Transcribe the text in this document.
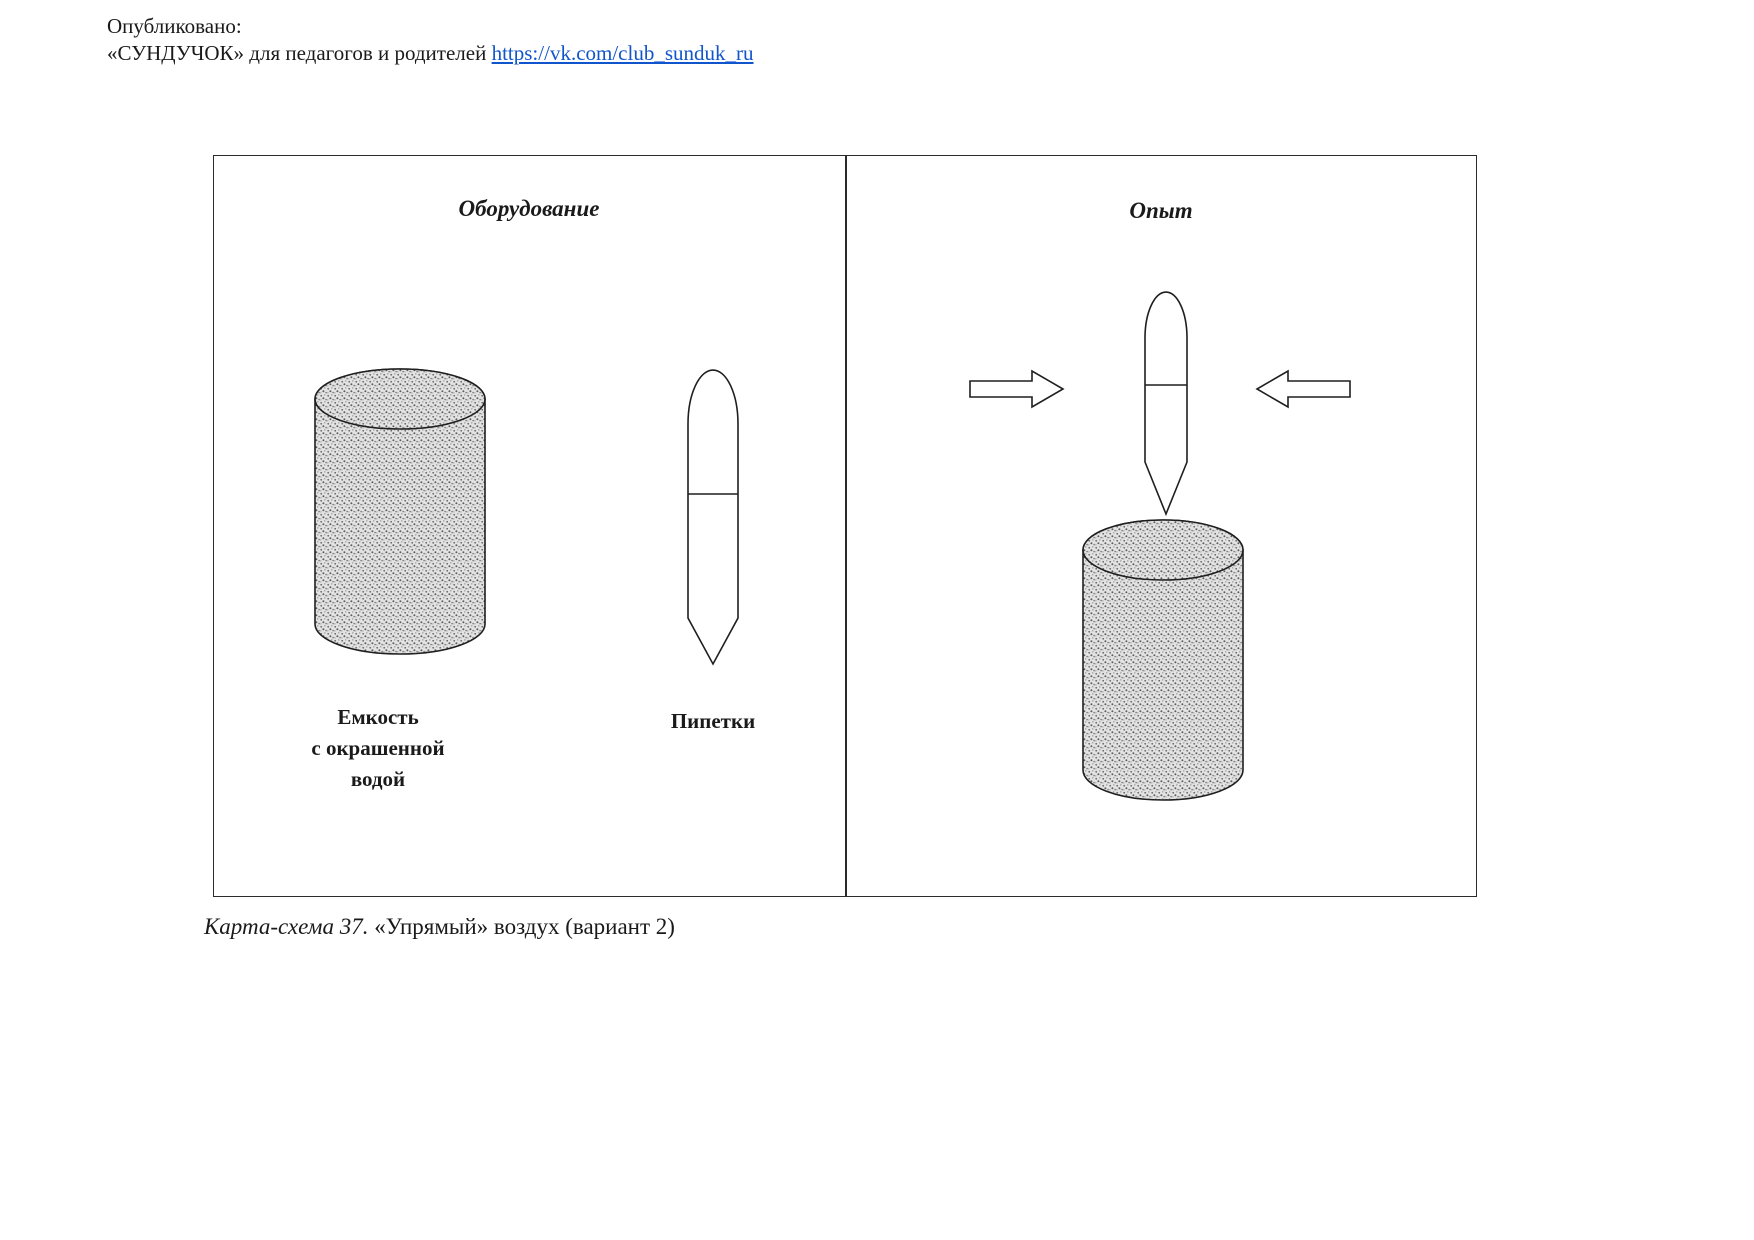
Опубликовано:
«СУНДУЧОК» для педагогов и родителей https://vk.com/club_sunduk_ru
Оборудование	Опыт
Емкость
с окрашенной
водой
Пипетки
Карта-схема 37. «Упрямый» воздух (вариант 2)
